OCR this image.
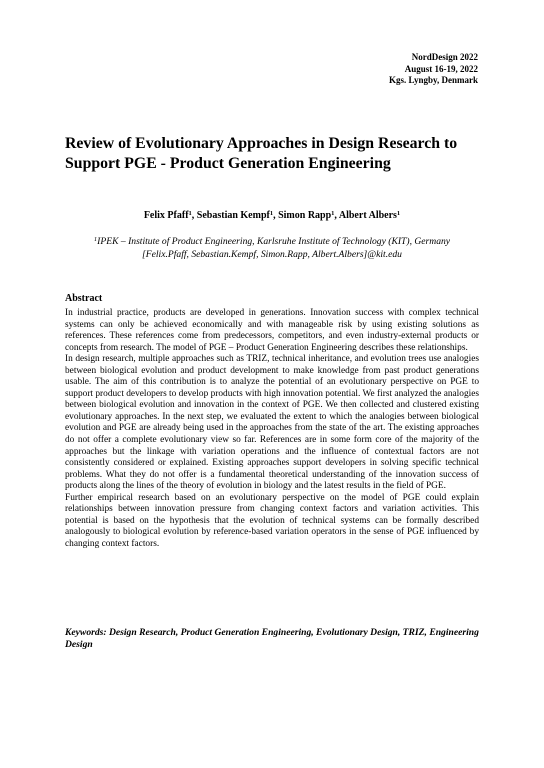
NordDesign 2022
August 16-19, 2022
Kgs. Lyngby, Denmark
Review of Evolutionary Approaches in Design Research to Support PGE - Product Generation Engineering
Felix Pfaff$^1$, Sebastian Kempf$^1$, Simon Rapp$^1$, Albert Albers$^1$
$^1$IPEK – Institute of Product Engineering, Karlsruhe Institute of Technology (KIT), Germany
[Felix.Pfaff, Sebastian.Kempf, Simon.Rapp, Albert.Albers]@kit.edu
Abstract

In industrial practice, products are developed in generations. Innovation success with complex technical systems can only be achieved economically and with manageable risk by using existing solutions as references. These references come from predecessors, competitors, and even industry-external products or concepts from research. The model of PGE – Product Generation Engineering describes these relationships.

In design research, multiple approaches such as TRIZ, technical inheritance, and evolution trees use analogies between biological evolution and product development to make knowledge from past product generations usable. The aim of this contribution is to analyze the potential of an evolutionary perspective on PGE to support product developers to develop products with high innovation potential. We first analyzed the analogies between biological evolution and innovation in the context of PGE. We then collected and clustered existing evolutionary approaches. In the next step, we evaluated the extent to which the analogies between biological evolution and PGE are already being used in the approaches from the state of the art. The existing approaches do not offer a complete evolutionary view so far. References are in some form core of the majority of the approaches but the linkage with variation operations and the influence of contextual factors are not consistently considered or explained. Existing approaches support developers in solving specific technical problems. What they do not offer is a fundamental theoretical understanding of the innovation success of products along the lines of the theory of evolution in biology and the latest results in the field of PGE.

Further empirical research based on an evolutionary perspective on the model of PGE could explain relationships between innovation pressure from changing context factors and variation activities. This potential is based on the hypothesis that the evolution of technical systems can be formally described analogously to biological evolution by reference-based variation operators in the sense of PGE influenced by changing context factors.

Keywords: Design Research, Product Generation Engineering, Evolutionary Design, TRIZ, Engineering Design
